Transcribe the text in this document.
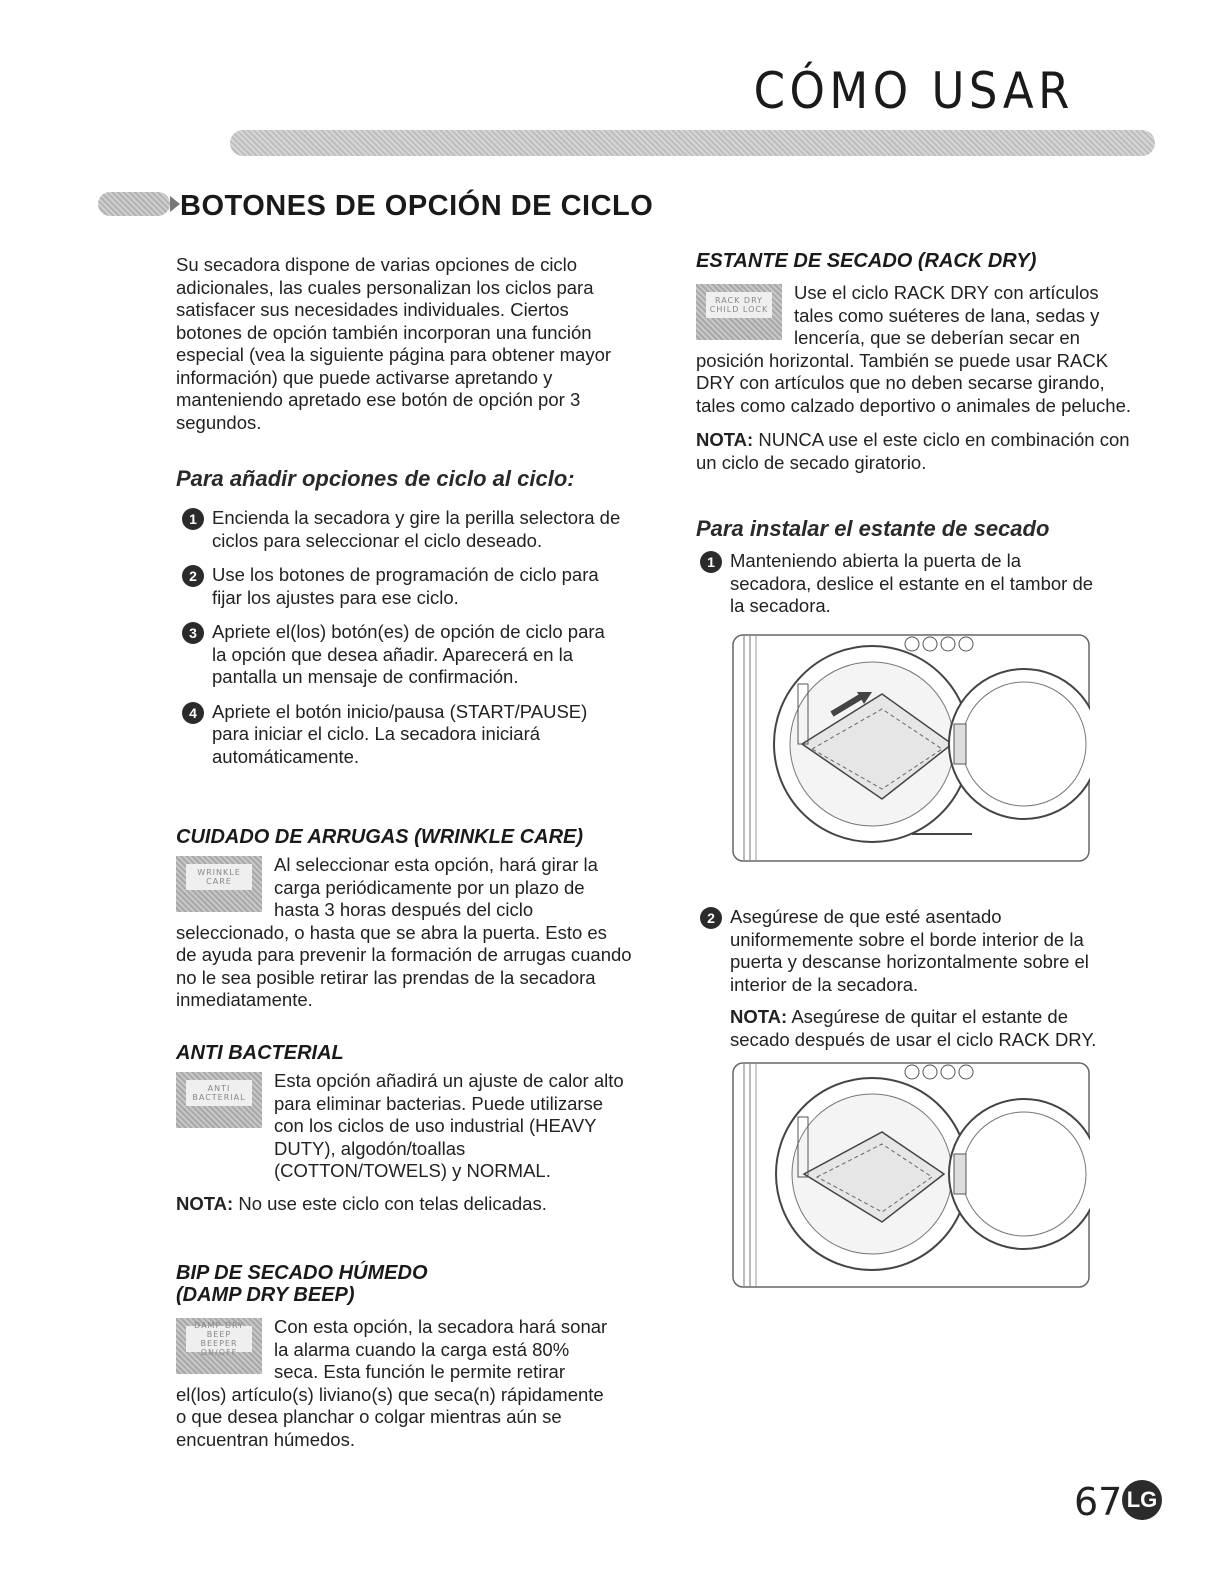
CÓMO USAR
BOTONES DE OPCIÓN DE CICLO

Su secadora dispone de varias opciones de ciclo adicionales, las cuales personalizan los ciclos para satisfacer sus necesidades individuales. Ciertos botones de opción también incorporan una función especial (vea la siguiente página para obtener mayor información) que puede activarse apretando y manteniendo apretado ese botón de opción por 3 segundos.

Para añadir opciones de ciclo al ciclo:
1 Encienda la secadora y gire la perilla selectora de ciclos para seleccionar el ciclo deseado.

2 Use los botones de programación de ciclo para fijar los ajustes para ese ciclo.

3 Apriete el(los) botón(es) de opción de ciclo para la opción que desea añadir. Aparecerá en la pantalla un mensaje de confirmación.

4 Apriete el botón inicio/pausa (START/PAUSE) para iniciar el ciclo. La secadora iniciará automáticamente.

CUIDADO DE ARRUGAS (WRINKLE CARE)
WRINKLE
CARE

Al seleccionar esta opción, hará girar la carga periódicamente por un plazo de hasta 3 horas después del ciclo seleccionado, o hasta que se abra la puerta. Esto es de ayuda para prevenir la formación de arrugas cuando no le sea posible retirar las prendas de la secadora inmediatamente.

ANTI BACTERIAL
ANTI
BACTERIAL

Esta opción añadirá un ajuste de calor alto para eliminar bacterias. Puede utilizarse con los ciclos de uso industrial (HEAVY DUTY), algodón/toallas (COTTON/TOWELS) y NORMAL.

NOTA: No use este ciclo con telas delicadas.

BIP DE SECADO HÚMEDO
(DAMP DRY BEEP)
DAMP DRY BEEP
BEEPER ON/OFF

Con esta opción, la secadora hará sonar la alarma cuando la carga está 80% seca. Esta función le permite retirar el(los) artículo(s) liviano(s) que seca(n) rápidamente o que desea planchar o colgar mientras aún se encuentran húmedos.

ESTANTE DE SECADO (RACK DRY)
RACK DRY
CHILD LOCK

Use el ciclo RACK DRY con artículos tales como suéteres de lana, sedas y lencería, que se deberían secar en posición horizontal. También se puede usar RACK DRY con artículos que no deben secarse girando, tales como calzado deportivo o animales de peluche.

NOTA: NUNCA use el este ciclo en combinación con un ciclo de secado giratorio.

Para instalar el estante de secado
1 Manteniendo abierta la puerta de la secadora, deslice el estante en el tambor de la secadora.

2 Asegúrese de que esté asentado uniformemente sobre el borde interior de la puerta y descanse horizontalmente sobre el interior de la secadora.

NOTA: Asegúrese de quitar el estante de secado después de usar el ciclo RACK DRY.

67 LG
